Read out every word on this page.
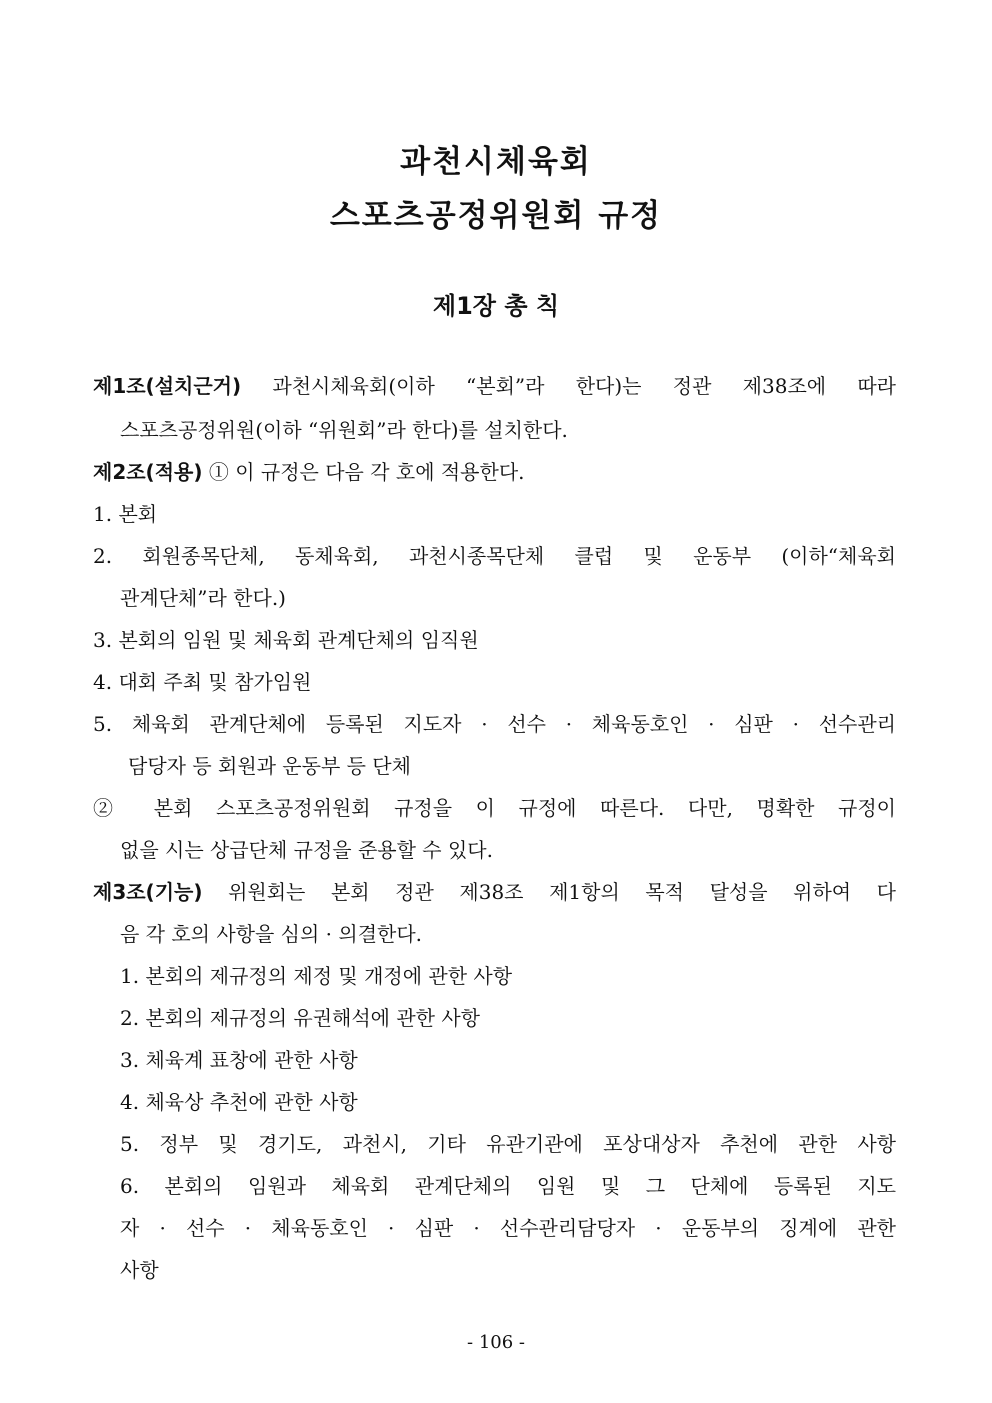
과천시체육회
스포츠공정위원회 규정
제1장 총 칙
제1조(설치근거) 과천시체육회(이하 “본회”라 한다)는 정관 제38조에 따라
스포츠공정위원(이하 “위원회”라 한다)를 설치한다.
제2조(적용) ① 이 규정은 다음 각 호에 적용한다.
1. 본회
2. 회원종목단체, 동체육회, 과천시종목단체 클럽 및 운동부 (이하“체육회
관계단체”라 한다.)
3. 본회의 임원 및 체육회 관계단체의 임직원
4. 대회 주최 및 참가임원
5. 체육회 관계단체에 등록된 지도자 · 선수 · 체육동호인 · 심판 · 선수관리
담당자 등 회원과 운동부 등 단체
② 본회 스포츠공정위원회 규정을 이 규정에 따른다. 다만, 명확한 규정이
없을 시는 상급단체 규정을 준용할 수 있다.
제3조(기능) 위원회는 본회 정관 제38조 제1항의 목적 달성을 위하여 다
음 각 호의 사항을 심의 · 의결한다.
1. 본회의 제규정의 제정 및 개정에 관한 사항
2. 본회의 제규정의 유권해석에 관한 사항
3. 체육계 표창에 관한 사항
4. 체육상 추천에 관한 사항
5. 정부 및 경기도, 과천시, 기타 유관기관에 포상대상자 추천에 관한 사항
6. 본회의 임원과 체육회 관계단체의 임원 및 그 단체에 등록된 지도
자 · 선수 · 체육동호인 · 심판 · 선수관리담당자 · 운동부의 징계에 관한
사항
- 106 -
